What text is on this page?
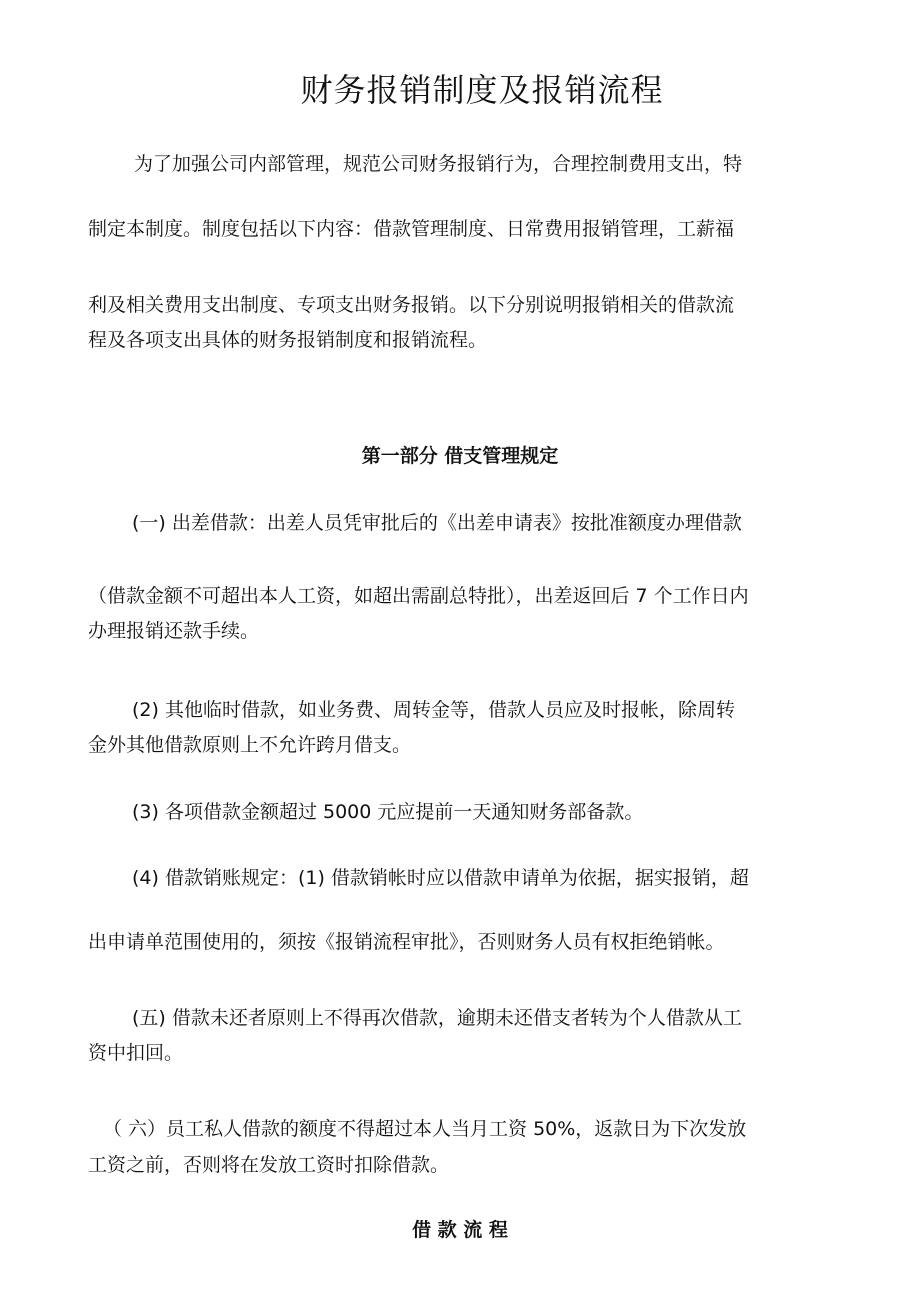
财务报销制度及报销流程
为了加强公司内部管理，规范公司财务报销行为，合理控制费用支出，特
制定本制度。制度包括以下内容：借款管理制度、日常费用报销管理，工薪福
利及相关费用支出制度、专项支出财务报销。以下分别说明报销相关的借款流
程及各项支出具体的财务报销制度和报销流程。
第一部分 借支管理规定
(一) 出差借款：出差人员凭审批后的《出差申请表》按批准额度办理借款
（借款金额不可超出本人工资，如超出需副总特批），出差返回后 7 个工作日内
办理报销还款手续。
(2) 其他临时借款，如业务费、周转金等，借款人员应及时报帐，除周转
金外其他借款原则上不允许跨月借支。
(3) 各项借款金额超过 5000 元应提前一天通知财务部备款。
(4) 借款销账规定：(1) 借款销帐时应以借款申请单为依据，据实报销，超
出申请单范围使用的，须按《报销流程审批》，否则财务人员有权拒绝销帐。
(五) 借款未还者原则上不得再次借款，逾期未还借支者转为个人借款从工
资中扣回。
（ 六）员工私人借款的额度不得超过本人当月工资 50%，返款日为下次发放
工资之前，否则将在发放工资时扣除借款。
借 款 流 程
